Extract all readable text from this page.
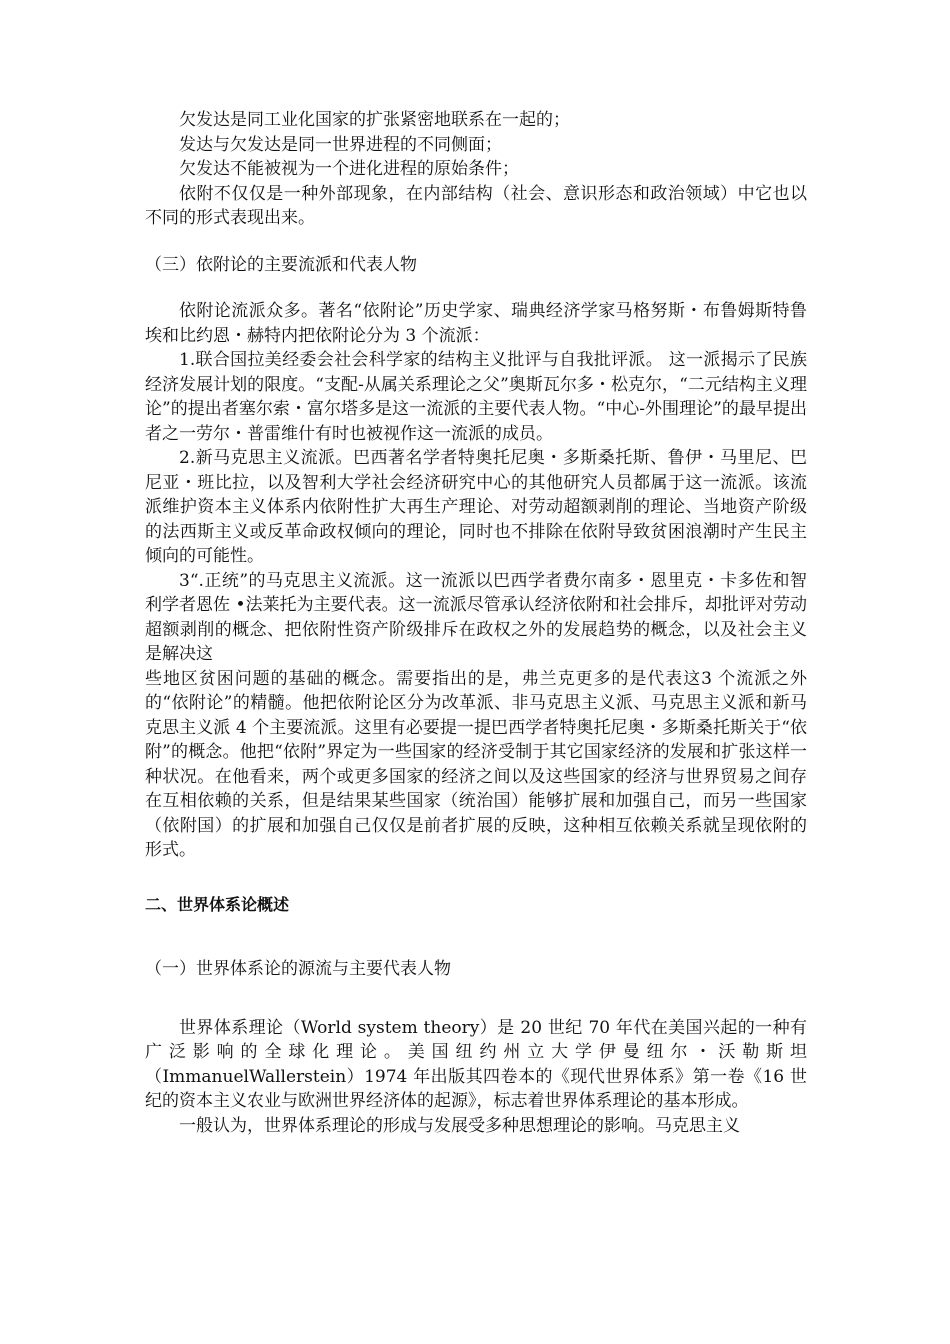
欠发达是同工业化国家的扩张紧密地联系在一起的；

发达与欠发达是同一世界进程的不同侧面；

欠发达不能被视为一个进化进程的原始条件；

依附不仅仅是一种外部现象，在内部结构（社会、意识形态和政治领域）中它也以不同的形式表现出来。

（三）依附论的主要流派和代表人物

依附论流派众多。著名“依附论”历史学家、瑞典经济学家马格努斯・布鲁姆斯特鲁埃和比约恩・赫特内把依附论分为 3 个流派：

1.联合国拉美经委会社会科学家的结构主义批评与自我批评派。 这一派揭示了民族经济发展计划的限度。“支配-从属关系理论之父”奥斯瓦尔多・松克尔，“二元结构主义理论”的提出者塞尔索・富尔塔多是这一流派的主要代表人物。“中心-外围理论”的最早提出者之一劳尔・普雷维什有时也被视作这一流派的成员。

2.新马克思主义流派。巴西著名学者特奥托尼奥・多斯桑托斯、鲁伊・马里尼、巴尼亚・班比拉，以及智利大学社会经济研究中心的其他研究人员都属于这一流派。该流派维护资本主义体系内依附性扩大再生产理论、对劳动超额剥削的理论、当地资产阶级的法西斯主义或反革命政权倾向的理论，同时也不排除在依附导致贫困浪潮时产生民主倾向的可能性。

3“.正统”的马克思主义流派。这一流派以巴西学者费尔南多・恩里克・卡多佐和智利学者恩佐 •法莱托为主要代表。这一流派尽管承认经济依附和社会排斥，却批评对劳动超额剥削的概念、把依附性资产阶级排斥在政权之外的发展趋势的概念，以及社会主义是解决这

些地区贫困问题的基础的概念。需要指出的是，弗兰克更多的是代表这3 个流派之外的“依附论”的精髓。他把依附论区分为改革派、非马克思主义派、马克思主义派和新马克思主义派 4 个主要流派。这里有必要提一提巴西学者特奥托尼奥・多斯桑托斯关于“依附”的概念。他把“依附”界定为一些国家的经济受制于其它国家经济的发展和扩张这样一种状况。在他看来，两个或更多国家的经济之间以及这些国家的经济与世界贸易之间存在互相依赖的关系，但是结果某些国家（统治国）能够扩展和加强自己，而另一些国家（依附国）的扩展和加强自己仅仅是前者扩展的反映，这种相互依赖关系就呈现依附的形式。

二、世界体系论概述

（一）世界体系论的源流与主要代表人物

世界体系理论（World system theory）是 20 世纪 70 年代在美国兴起的一种有广泛影响的全球化理论。美国纽约州立大学伊曼纽尔・沃勒斯坦（ImmanuelWallerstein）1974 年出版其四卷本的《现代世界体系》第一卷《16 世纪的资本主义农业与欧洲世界经济体的起源》，标志着世界体系理论的基本形成。

一般认为，世界体系理论的形成与发展受多种思想理论的影响。马克思主义
